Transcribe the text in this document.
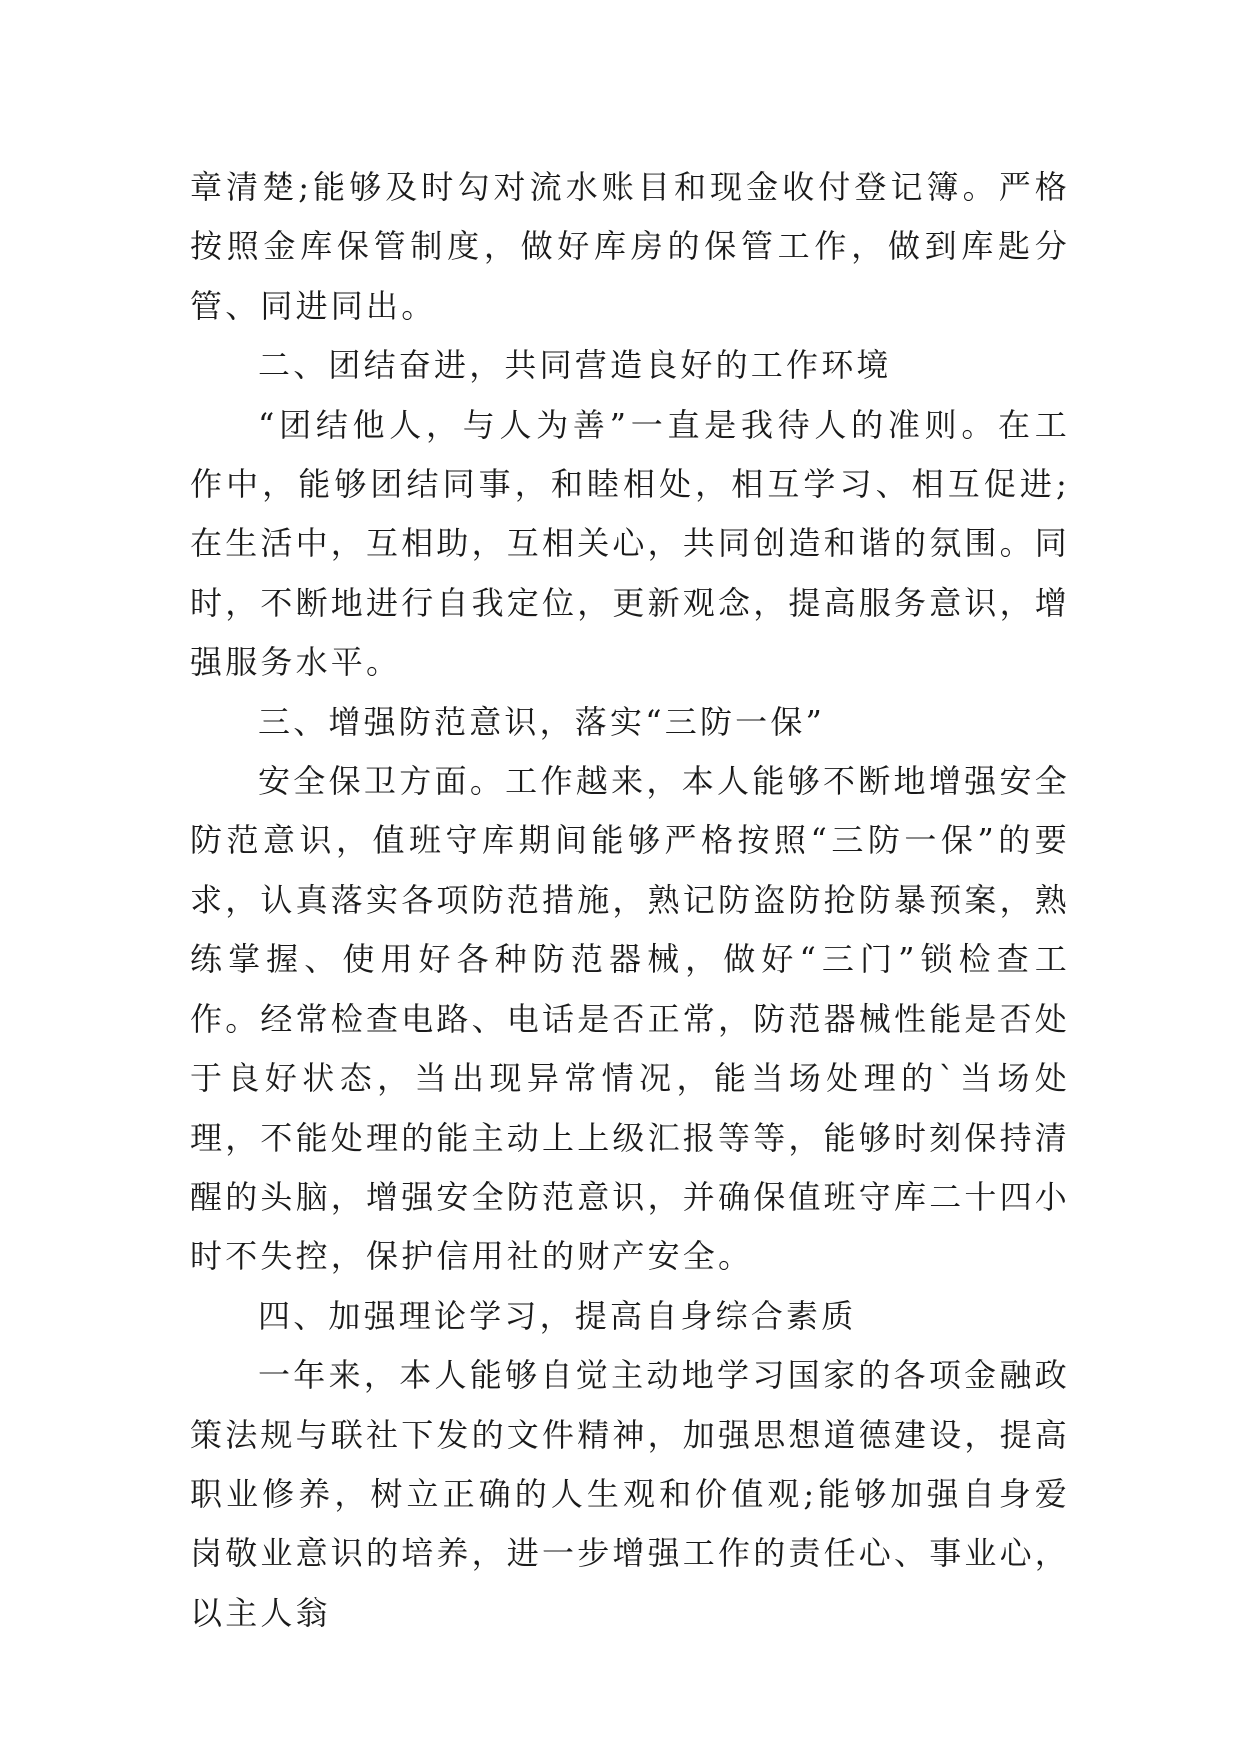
章清楚;能够及时勾对流水账目和现金收付登记簿。严格按照金库保管制度，做好库房的保管工作，做到库匙分管、同进同出。

二、团结奋进，共同营造良好的工作环境

“团结他人，与人为善”一直是我待人的准则。在工作中，能够团结同事，和睦相处，相互学习、相互促进;在生活中，互相助，互相关心，共同创造和谐的氛围。同时，不断地进行自我定位，更新观念，提高服务意识，增强服务水平。

三、增强防范意识，落实“三防一保”

安全保卫方面。工作越来，本人能够不断地增强安全防范意识，值班守库期间能够严格按照“三防一保”的要求，认真落实各项防范措施，熟记防盗防抢防暴预案，熟练掌握、使用好各种防范器械，做好“三门”锁检查工作。经常检查电路、电话是否正常，防范器械性能是否处于良好状态，当出现异常情况，能当场处理的`当场处理，不能处理的能主动上上级汇报等等，能够时刻保持清醒的头脑，增强安全防范意识，并确保值班守库二十四小时不失控，保护信用社的财产安全。

四、加强理论学习，提高自身综合素质

一年来，本人能够自觉主动地学习国家的各项金融政策法规与联社下发的文件精神，加强思想道德建设，提高职业修养，树立正确的人生观和价值观;能够加强自身爱岗敬业意识的培养，进一步增强工作的责任心、事业心，以主人翁
